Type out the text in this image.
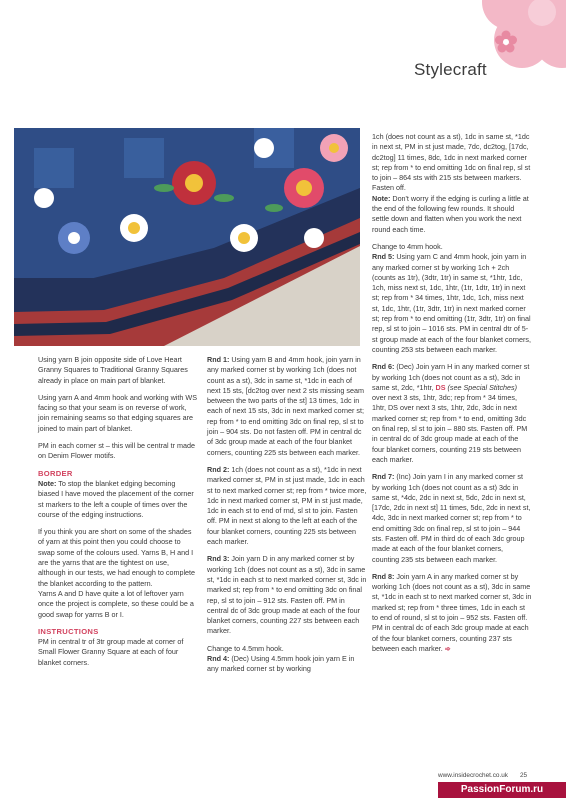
Stylecraft

Using yarn B join opposite side of Love Heart Granny Squares to Traditional Granny Squares already in place on main part of blanket.

Using yarn A and 4mm hook and working with WS facing so that your seam is on reverse of work, join remaining seams so that edging squares are joined to main part of blanket.

PM in each corner st – this will be central tr made on Denim Flower motifs.

BORDER

Note: To stop the blanket edging becoming biased I have moved the placement of the corner st markers to the left a couple of times over the course of the edging instructions.

If you think you are short on some of the shades of yarn at this point then you could choose to swap some of the colours used. Yarns B, H and I are the yarns that are the tightest on use, although in our tests, we had enough to complete the blanket according to the pattern.

Yarns A and D have quite a lot of leftover yarn once the project is complete, so these could be a good swap for yarns B or I.

INSTRUCTIONS

PM in central tr of 3tr group made at corner of Small Flower Granny Square at each of four blanket corners.

Rnd 1: Using yarn B and 4mm hook, join yarn in any marked corner st by working 1ch (does not count as a st), 3dc in same st, *1dc in each of next 15 sts, [dc2tog over next 2 sts missing seam between the two parts of the st] 13 times, 1dc in each of next 15 sts, 3dc in next marked corner st; rep from * to end omitting 3dc on final rep, sl st to join – 904 sts. Do not fasten off. PM in central dc of 3dc group made at each of the four blanket corners, counting 225 sts between each marker.

Rnd 2: 1ch (does not count as a st), *1dc in next marked corner st, PM in st just made, 1dc in each st to next marked corner st; rep from * twice more, 1dc in next marked corner st, PM in st just made, 1dc in each st to end of rnd, sl st to join. Fasten off. PM in next st along to the left at each of the four blanket corners, counting 225 sts between each marker.

Rnd 3: Join yarn D in any marked corner st by working 1ch (does not count as a st), 3dc in same st, *1dc in each st to next marked corner st, 3dc in marked st; rep from * to end omitting 3dc on final rep, sl st to join – 912 sts. Fasten off. PM in central dc of 3dc group made at each of the four blanket corners, counting 227 sts between each marker.

Change to 4.5mm hook.

Rnd 4: (Dec) Using 4.5mm hook join yarn E in any marked corner st by working

1ch (does not count as a st), 1dc in same st, *1dc in next st, PM in st just made, 7dc, dc2tog, [17dc, dc2tog] 11 times, 8dc, 1dc in next marked corner st; rep from * to end omitting 1dc on final rep, sl st to join – 864 sts with 215 sts between markers. Fasten off.

Note: Don't worry if the edging is curling a little at the end of the following few rounds. It should settle down and flatten when you work the next round each time.

Change to 4mm hook.

Rnd 5: Using yarn C and 4mm hook, join yarn in any marked corner st by working 1ch + 2ch (counts as 1tr), (3dtr, 1tr) in same st, *1htr, 1dc, 1ch, miss next st, 1dc, 1htr, (1tr, 1dtr, 1tr) in next st; rep from * 34 times, 1htr, 1dc, 1ch, miss next st, 1dc, 1htr, (1tr, 3dtr, 1tr) in next marked corner st; rep from * to end omitting (1tr, 3dtr, 1tr) on final rep, sl st to join – 1016 sts. PM in central dtr of 5-st group made at each of the four blanket corners, counting 253 sts between each marker.

Rnd 6: (Dec) Join yarn H in any marked corner st by working 1ch (does not count as a st), 3dc in same st, 2dc, *1htr, DS (see Special Stitches) over next 3 sts, 1htr, 3dc; rep from * 34 times, 1htr, DS over next 3 sts, 1htr, 2dc, 3dc in next marked corner st; rep from * to end, omitting 3dc on final rep, sl st to join – 880 sts. Fasten off. PM in central dc of 3dc group made at each of the four blanket corners, counting 219 sts between each marker.

Rnd 7: (Inc) Join yarn I in any marked corner st by working 1ch (does not count as a st) 3dc in same st, *4dc, 2dc in next st, 5dc, 2dc in next st, [17dc, 2dc in next st] 11 times, 5dc, 2dc in next st, 4dc, 3dc in next marked corner st; rep from * to end omitting 3dc on final rep, sl st to join – 944 sts. Fasten off. PM in third dc of each 3dc group made at each of the four blanket corners, counting 235 sts between each marker.

Rnd 8: Join yarn A in any marked corner st by working 1ch (does not count as a st), 3dc in same st, *1dc in each st to next marked corner st, 3dc in marked st; rep from * three times, 1dc in each st to end of round, sl st to join – 952 sts. Fasten off. PM in central dc of each 3dc group made at each of the four blanket corners, counting 237 sts between each marker. ➾

www.insidecrochet.co.uk 25
PassionForum.ru
